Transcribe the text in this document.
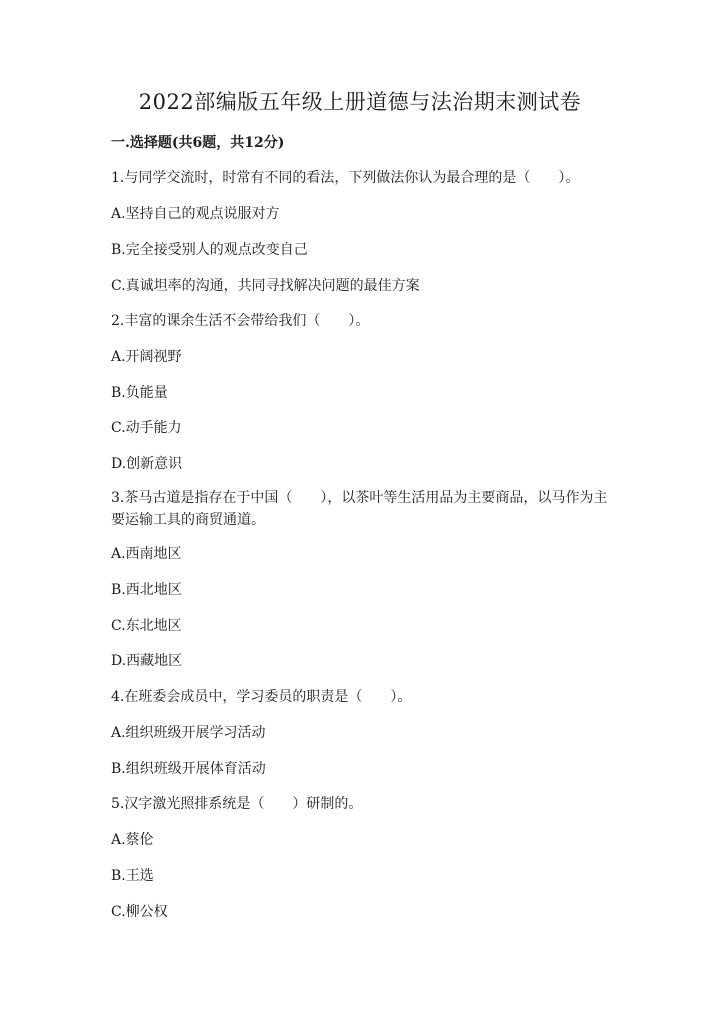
2022部编版五年级上册道德与法治期末测试卷
一.选择题(共6题，共12分)
1.与同学交流时，时常有不同的看法，下列做法你认为最合理的是（　　）。
A.坚持自己的观点说服对方
B.完全接受别人的观点改变自己
C.真诚坦率的沟通，共同寻找解决问题的最佳方案
2.丰富的课余生活不会带给我们（　　）。
A.开阔视野
B.负能量
C.动手能力
D.创新意识
3.茶马古道是指存在于中国（　　），以茶叶等生活用品为主要商品，以马作为主要运输工具的商贸通道。
A.西南地区
B.西北地区
C.东北地区
D.西藏地区
4.在班委会成员中，学习委员的职责是（　　）。
A.组织班级开展学习活动
B.组织班级开展体育活动
5.汉字激光照排系统是（　　）研制的。
A.蔡伦
B.王选
C.柳公权
